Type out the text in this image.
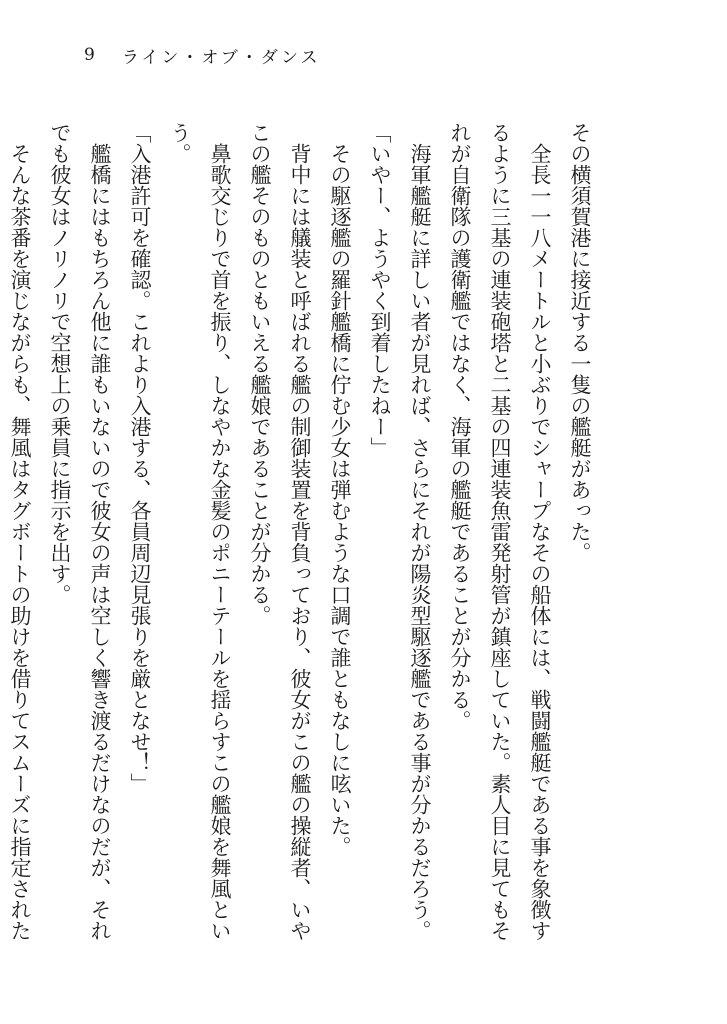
9 ライン・オブ・ダンス

その横須賀港に接近する一隻の艦艇があった。

全長一一八メートルと小ぶりでシャープなその船体には、戦闘艦艇である事を象徴するように三基の連装砲塔と二基の四連装魚雷発射管が鎮座していた。素人目に見てもそれが自衛隊の護衛艦ではなく、海軍の艦艇であることが分かる。

海軍艦艇に詳しい者が見れば、さらにそれが陽炎型駆逐艦である事が分かるだろう。

「いやー、ようやく到着したねー」

その駆逐艦の羅針艦橋に佇む少女は弾むような口調で誰ともなしに呟いた。

背中には艤装と呼ばれる艦の制御装置を背負っており、彼女がこの艦の操縦者、いやこの艦そのものともいえる艦娘であることが分かる。

鼻歌交じりで首を振り、しなやかな金髪のポニーテールを揺らすこの艦娘を舞風という。

「入港許可を確認。これより入港する、各員周辺見張りを厳となせ！」

艦橋にはもちろん他に誰もいないので彼女の声は空しく響き渡るだけなのだが、それでも彼女はノリノリで空想上の乗員に指示を出す。

そんな茶番を演じながらも、舞風はタグボートの助けを借りてスムーズに指定された
